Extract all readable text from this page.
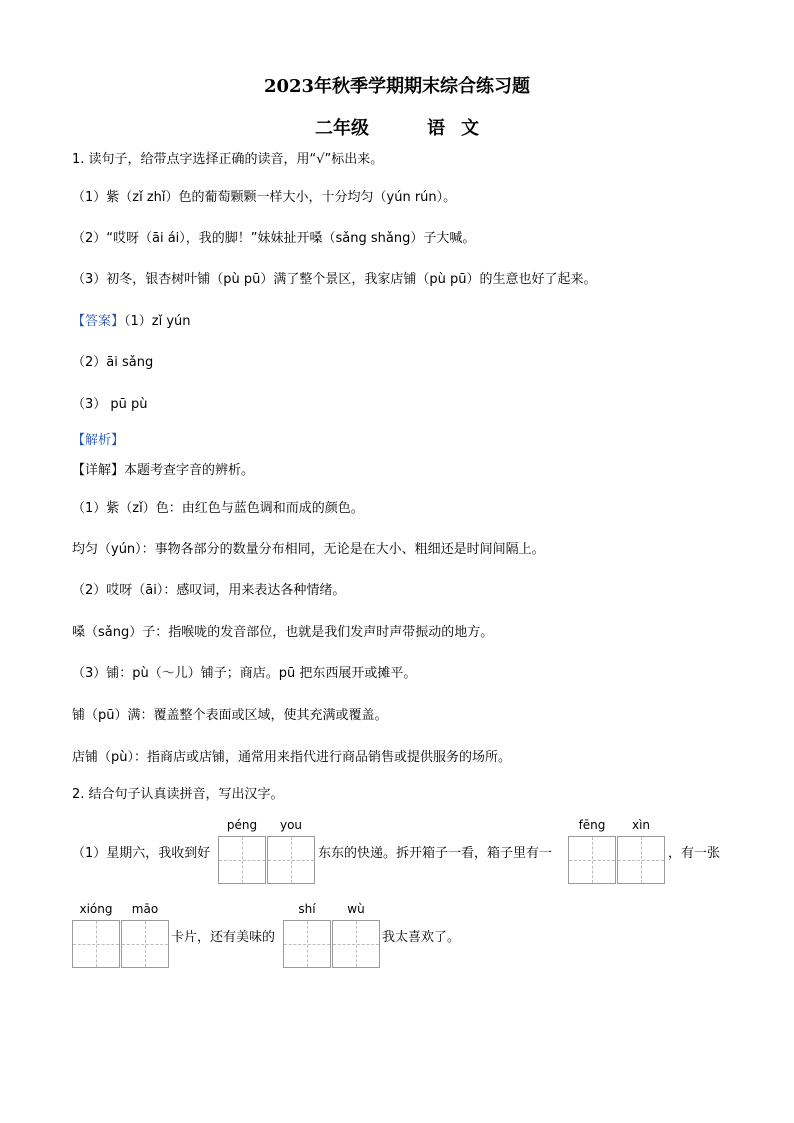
2023年秋季学期期末综合练习题
二年级	语 文
1. 读句子，给带点字选择正确的读音，用“√”标出来。
（1）紫（zǐ zhǐ）色的葡萄颗颗一样大小，十分均匀（yún rún）。
（2）“哎呀（āi ái），我的脚！”妹妹扯开嗓（sǎng shǎng）子大喊。
（3）初冬，银杏树叶铺（pù pū）满了整个景区，我家店铺（pù pū）的生意也好了起来。
【答案】（1）zǐ yún
（2）āi sǎng
（3） pū pù
【解析】
【详解】本题考查字音的辨析。
（1）紫（zǐ）色：由红色与蓝色调和而成的颜色。
均匀（yún）：事物各部分的数量分布相同，无论是在大小、粗细还是时间间隔上。
（2）哎呀（āi）：感叹词，用来表达各种情绪。
嗓（sǎng）子：指喉咙的发音部位，也就是我们发声时声带振动的地方。
（3）铺：pù（～儿）铺子；商店。pū 把东西展开或摊平。
铺（pū）满：覆盖整个表面或区域，使其充满或覆盖。
店铺（pù）：指商店或店铺，通常用来指代进行商品销售或提供服务的场所。
2. 结合句子认真读拼音，写出汉字。
（1）星期六，我收到好
péng	you
东东的快递。拆开箱子一看，箱子里有一
fēng	xìn
，有一张
xióng	māo
卡片，还有美味的
shí	wù
我太喜欢了。
